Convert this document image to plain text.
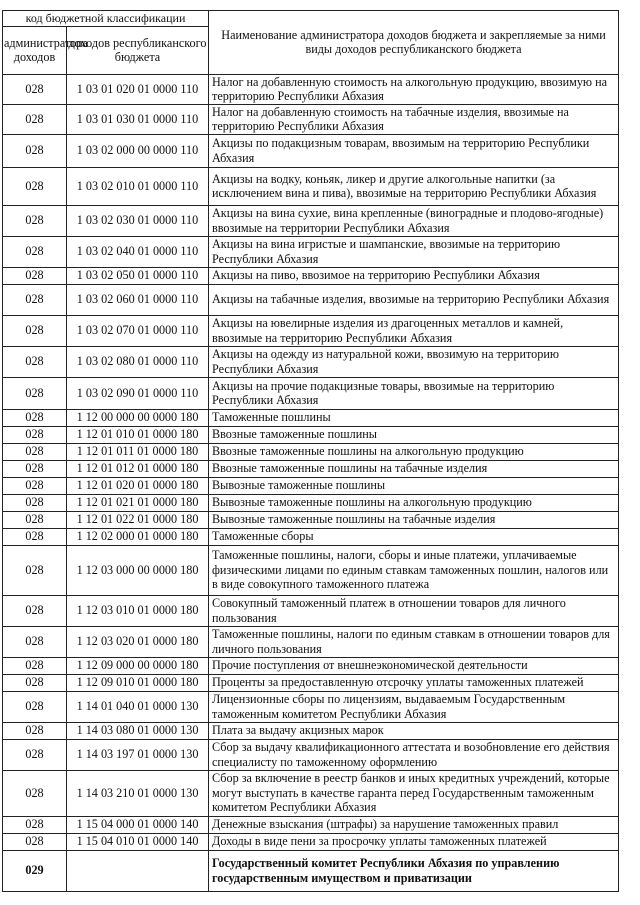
код бюджетной классификации		Наименование администратора доходов бюджета и закрепляемые за ними виды доходов республиканского бюджета
администратора доходов	доходов республиканского бюджета	
028	1 03 01 020 01 0000 110	Налог на добавленную стоимость на алкогольную продукцию, ввозимую на территорию Республики Абхазия
028	1 03 01 030 01 0000 110	Налог на добавленную стоимость на табачные изделия, ввозимые на территорию Республики Абхазия
028	1 03 02 000 00 0000 110	Акцизы по подакцизным товарам, ввозимым на территорию Республики Абхазия
028	1 03 02 010 01 0000 110	Акцизы на водку, коньяк, ликер и другие алкогольные напитки (за исключением вина и пива), ввозимые на территорию Республики Абхазия
028	1 03 02 030 01 0000 110	Акцизы на вина сухие, вина крепленные (виноградные и плодово-ягодные) ввозимые на территории Республики Абхазия
028	1 03 02 040 01 0000 110	Акцизы на вина игристые и шампанские, ввозимые на территорию Республики Абхазия
028	1 03 02 050 01 0000 110	Акцизы на пиво, ввозимое на территорию Республики Абхазия
028	1 03 02 060 01 0000 110	Акцизы на табачные изделия, ввозимые на территорию Республики Абхазия
028	1 03 02 070 01 0000 110	Акцизы на ювелирные изделия из драгоценных металлов и камней, ввозимые на территорию Республики Абхазия
028	1 03 02 080 01 0000 110	Акцизы на одежду из натуральной кожи, ввозимую на территорию Республики Абхазия
028	1 03 02 090 01 0000 110	Акцизы на прочие подакцизные товары, ввозимые на территорию Республики Абхазия
028	1 12 00 000 00 0000 180	Таможенные пошлины
028	1 12 01 010 01 0000 180	Ввозные таможенные пошлины
028	1 12 01 011 01 0000 180	Ввозные таможенные пошлины на алкогольную продукцию
028	1 12 01 012 01 0000 180	Ввозные таможенные пошлины на табачные изделия
028	1 12 01 020 01 0000 180	Вывозные таможенные пошлины
028	1 12 01 021 01 0000 180	Вывозные таможенные пошлины на алкогольную продукцию
028	1 12 01 022 01 0000 180	Вывозные таможенные пошлины на табачные изделия
028	1 12 02 000 01 0000 180	Таможенные сборы
028	1 12 03 000 00 0000 180	Таможенные пошлины, налоги, сборы и иные платежи, уплачиваемые физическими лицами по единым ставкам таможенных пошлин, налогов или в виде совокупного таможенного платежа
028	1 12 03 010 01 0000 180	Совокупный таможенный платеж в отношении товаров для личного пользования
028	1 12 03 020 01 0000 180	Таможенные пошлины, налоги по единым ставкам в отношении товаров для личного пользования
028	1 12 09 000 00 0000 180	Прочие поступления от внешнеэкономической деятельности
028	1 12 09 010 01 0000 180	Проценты за предоставленную отсрочку уплаты таможенных платежей
028	1 14 01 040 01 0000 130	Лицензионные сборы по лицензиям, выдаваемым Государственным таможенным комитетом Республики Абхазия
028	1 14 03 080 01 0000 130	Плата за выдачу акцизных марок
028	1 14 03 197 01 0000 130	Сбор за выдачу квалификационного аттестата и возобновление его действия специалисту по таможенному оформлению
028	1 14 03 210 01 0000 130	Сбор за включение в реестр банков и иных кредитных учреждений, которые могут выступать в качестве гаранта перед Государственным таможенным комитетом Республики Абхазия
028	1 15 04 000 01 0000 140	Денежные взыскания (штрафы) за нарушение таможенных правил
028	1 15 04 010 01 0000 140	Доходы в виде пени за просрочку уплаты таможенных платежей
029		Государственный комитет Республики Абхазия по управлению государственным имуществом и приватизации
